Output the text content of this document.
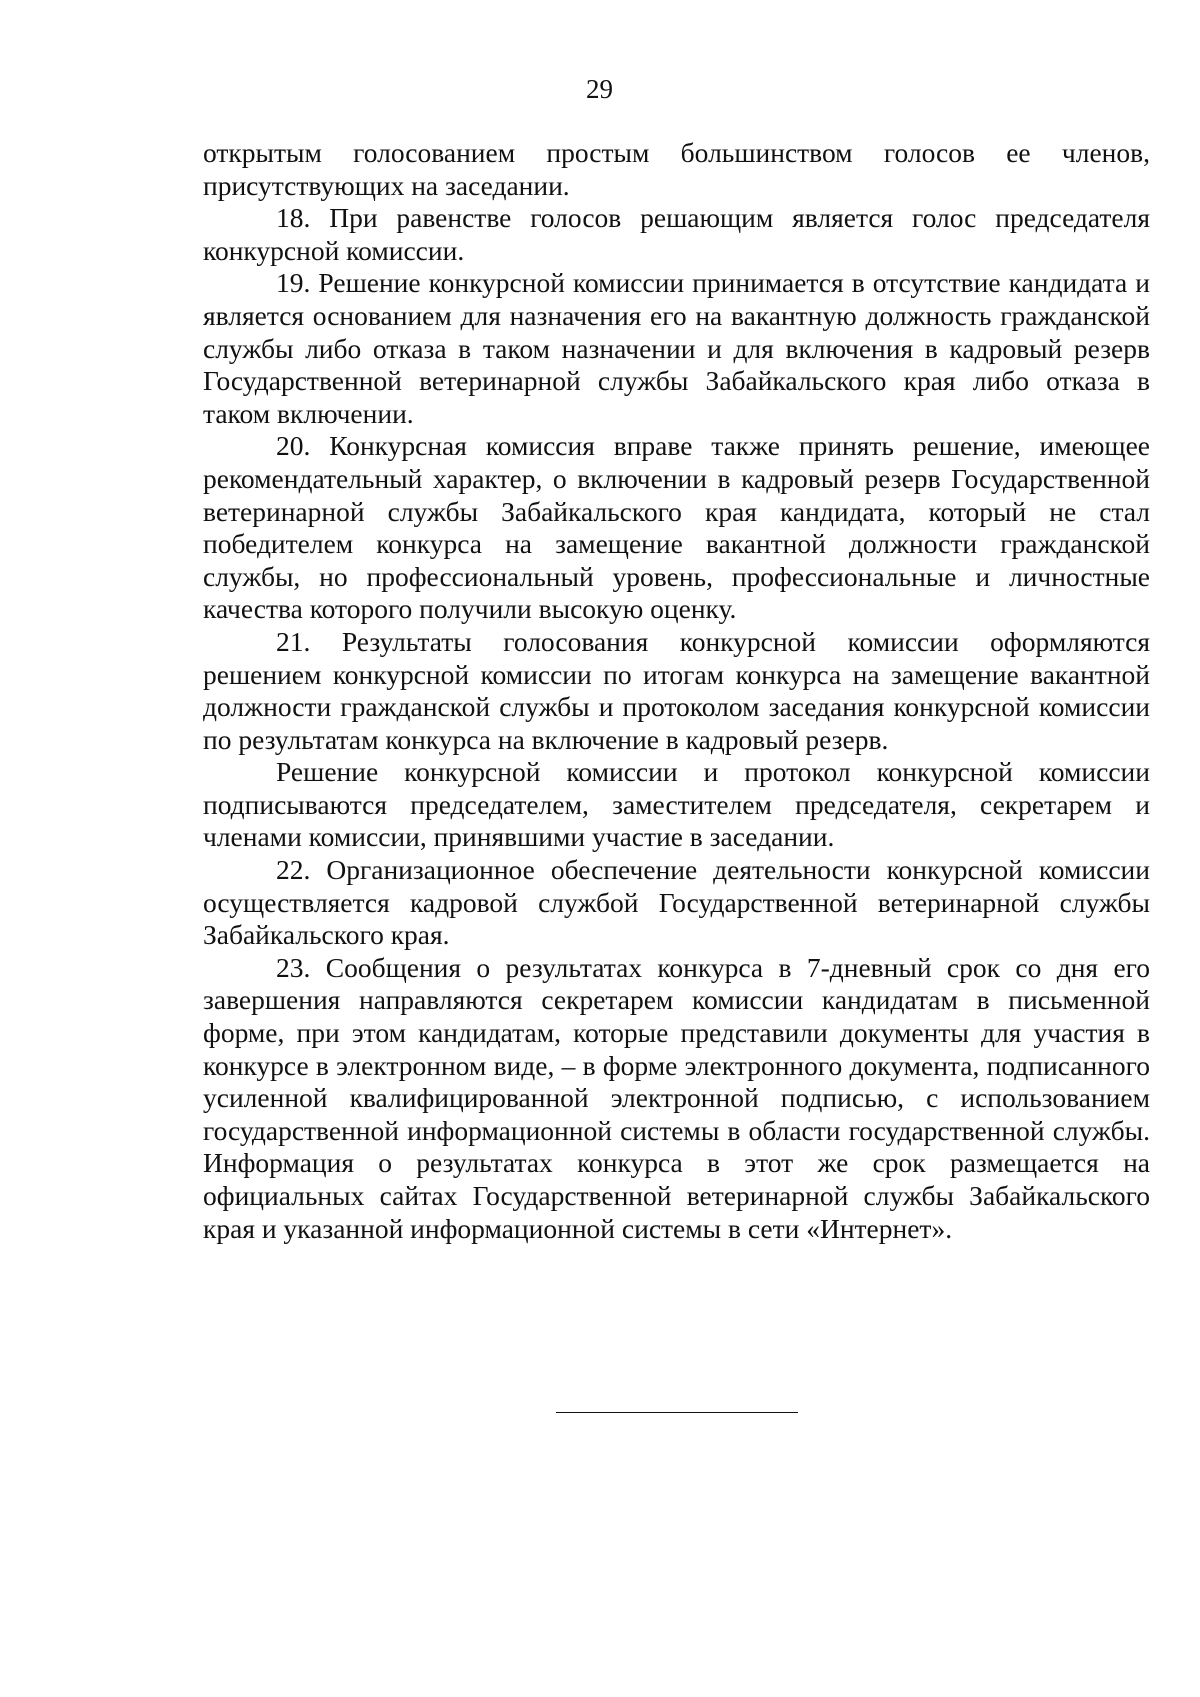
29

открытым голосованием простым большинством голосов ее членов, присутствующих на заседании.

18. При равенстве голосов решающим является голос председателя конкурсной комиссии.

19. Решение конкурсной комиссии принимается в отсутствие кандидата и является основанием для назначения его на вакантную должность гражданской службы либо отказа в таком назначении и для включения в кадровый резерв Государственной ветеринарной службы Забайкальского края либо отказа в таком включении.

20. Конкурсная комиссия вправе также принять решение, имеющее рекомендательный характер, о включении в кадровый резерв Государственной ветеринарной службы Забайкальского края кандидата, который не стал победителем конкурса на замещение вакантной должности гражданской службы, но профессиональный уровень, профессиональные и личностные качества которого получили высокую оценку.

21. Результаты голосования конкурсной комиссии оформляются решением конкурсной комиссии по итогам конкурса на замещение вакантной должности гражданской службы и протоколом заседания конкурсной комиссии по результатам конкурса на включение в кадровый резерв.

Решение конкурсной комиссии и протокол конкурсной комиссии подписываются председателем, заместителем председателя, секретарем и членами комиссии, принявшими участие в заседании.

22. Организационное обеспечение деятельности конкурсной комиссии осуществляется кадровой службой Государственной ветеринарной службы Забайкальского края.

23. Сообщения о результатах конкурса в 7-дневный срок со дня его завершения направляются секретарем комиссии кандидатам в письменной форме, при этом кандидатам, которые представили документы для участия в конкурсе в электронном виде, – в форме электронного документа, подписанного усиленной квалифицированной электронной подписью, с использованием государственной информационной системы в области государственной службы. Информация о результатах конкурса в этот же срок размещается на официальных сайтах Государственной ветеринарной службы Забайкальского края и указанной информационной системы в сети «Интернет».
